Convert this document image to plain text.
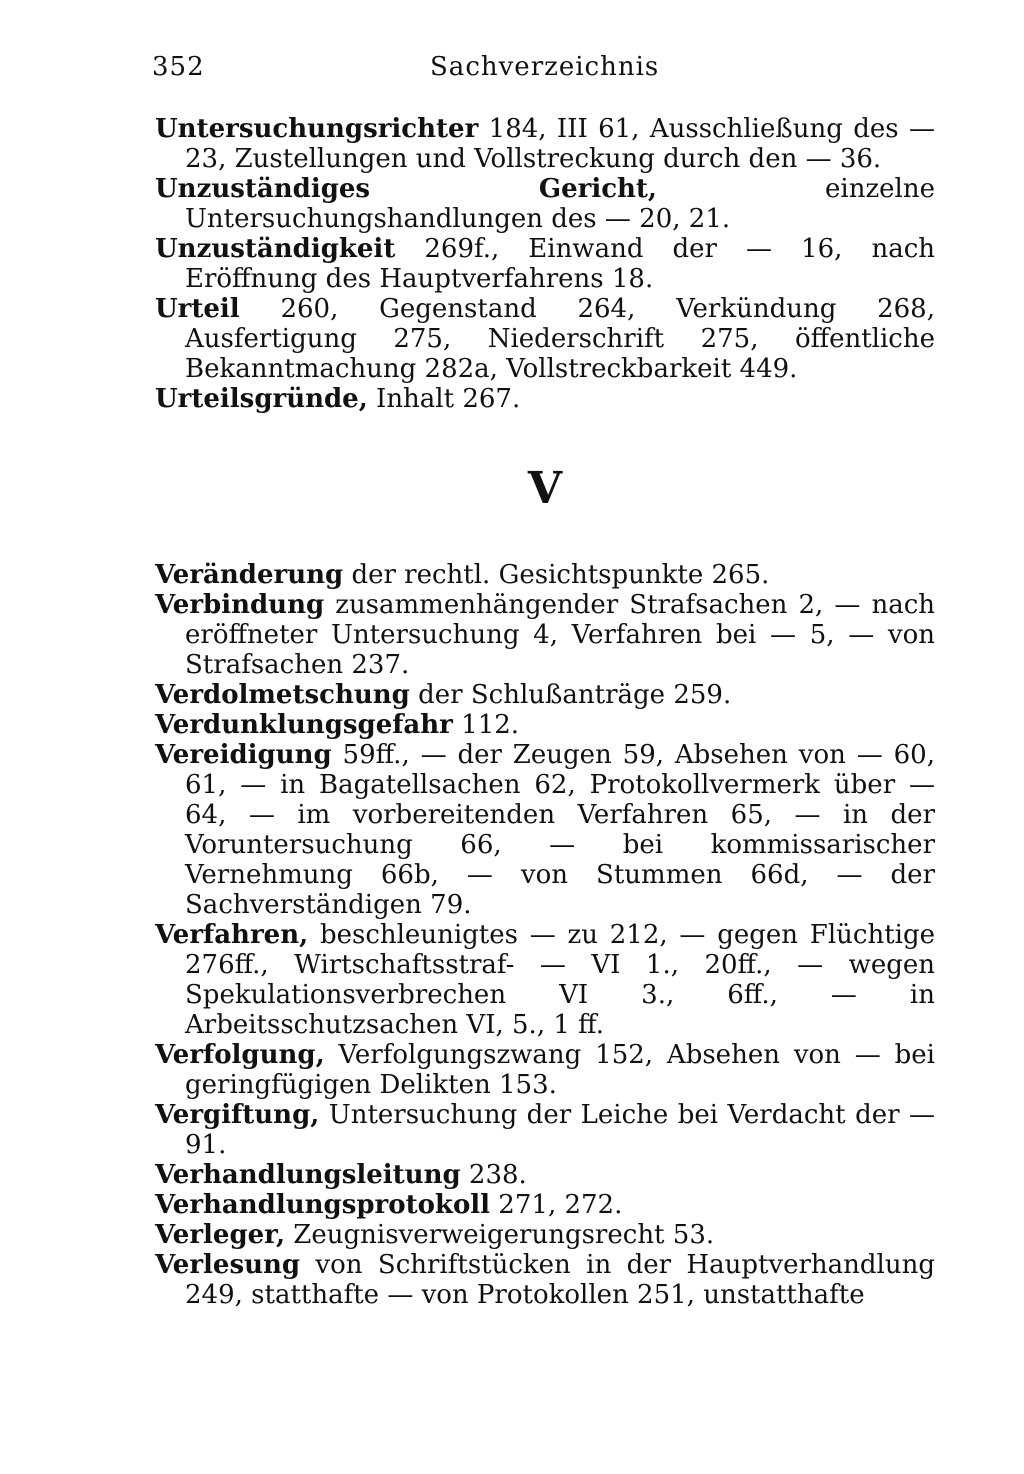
352	Sachverzeichnis

Untersuchungsrichter 184, III 61, Ausschließung des — 23, Zustellungen und Vollstreckung durch den — 36.

Unzuständiges Gericht, einzelne Untersuchungshandlungen des — 20, 21.

Unzuständigkeit 269f., Einwand der — 16, nach Eröffnung des Hauptverfahrens 18.

Urteil 260, Gegenstand 264, Verkündung 268, Ausfertigung 275, Niederschrift 275, öffentliche Bekanntmachung 282a, Vollstreckbarkeit 449.

Urteilsgründe, Inhalt 267.

V

Veränderung der rechtl. Gesichtspunkte 265.

Verbindung zusammenhängender Strafsachen 2, — nach eröffneter Untersuchung 4, Verfahren bei — 5, — von Strafsachen 237.

Verdolmetschung der Schlußanträge 259.

Verdunklungsgefahr 112.

Vereidigung 59ff., — der Zeugen 59, Absehen von — 60, 61, — in Bagatellsachen 62, Protokollvermerk über — 64, — im vorbereitenden Verfahren 65, — in der Voruntersuchung 66, — bei kommissarischer Vernehmung 66b, — von Stummen 66d, — der Sachverständigen 79.

Verfahren, beschleunigtes — zu 212, — gegen Flüchtige 276ff., Wirtschaftsstraf- — VI 1., 20ff., — wegen Spekulationsverbrechen VI 3., 6ff., — in Arbeitsschutzsachen VI, 5., 1 ff.

Verfolgung, Verfolgungszwang 152, Absehen von — bei geringfügigen Delikten 153.

Vergiftung, Untersuchung der Leiche bei Verdacht der — 91.

Verhandlungsleitung 238.

Verhandlungsprotokoll 271, 272.

Verleger, Zeugnisverweigerungsrecht 53.

Verlesung von Schriftstücken in der Hauptverhandlung 249, statthafte — von Protokollen 251, unstatthafte
